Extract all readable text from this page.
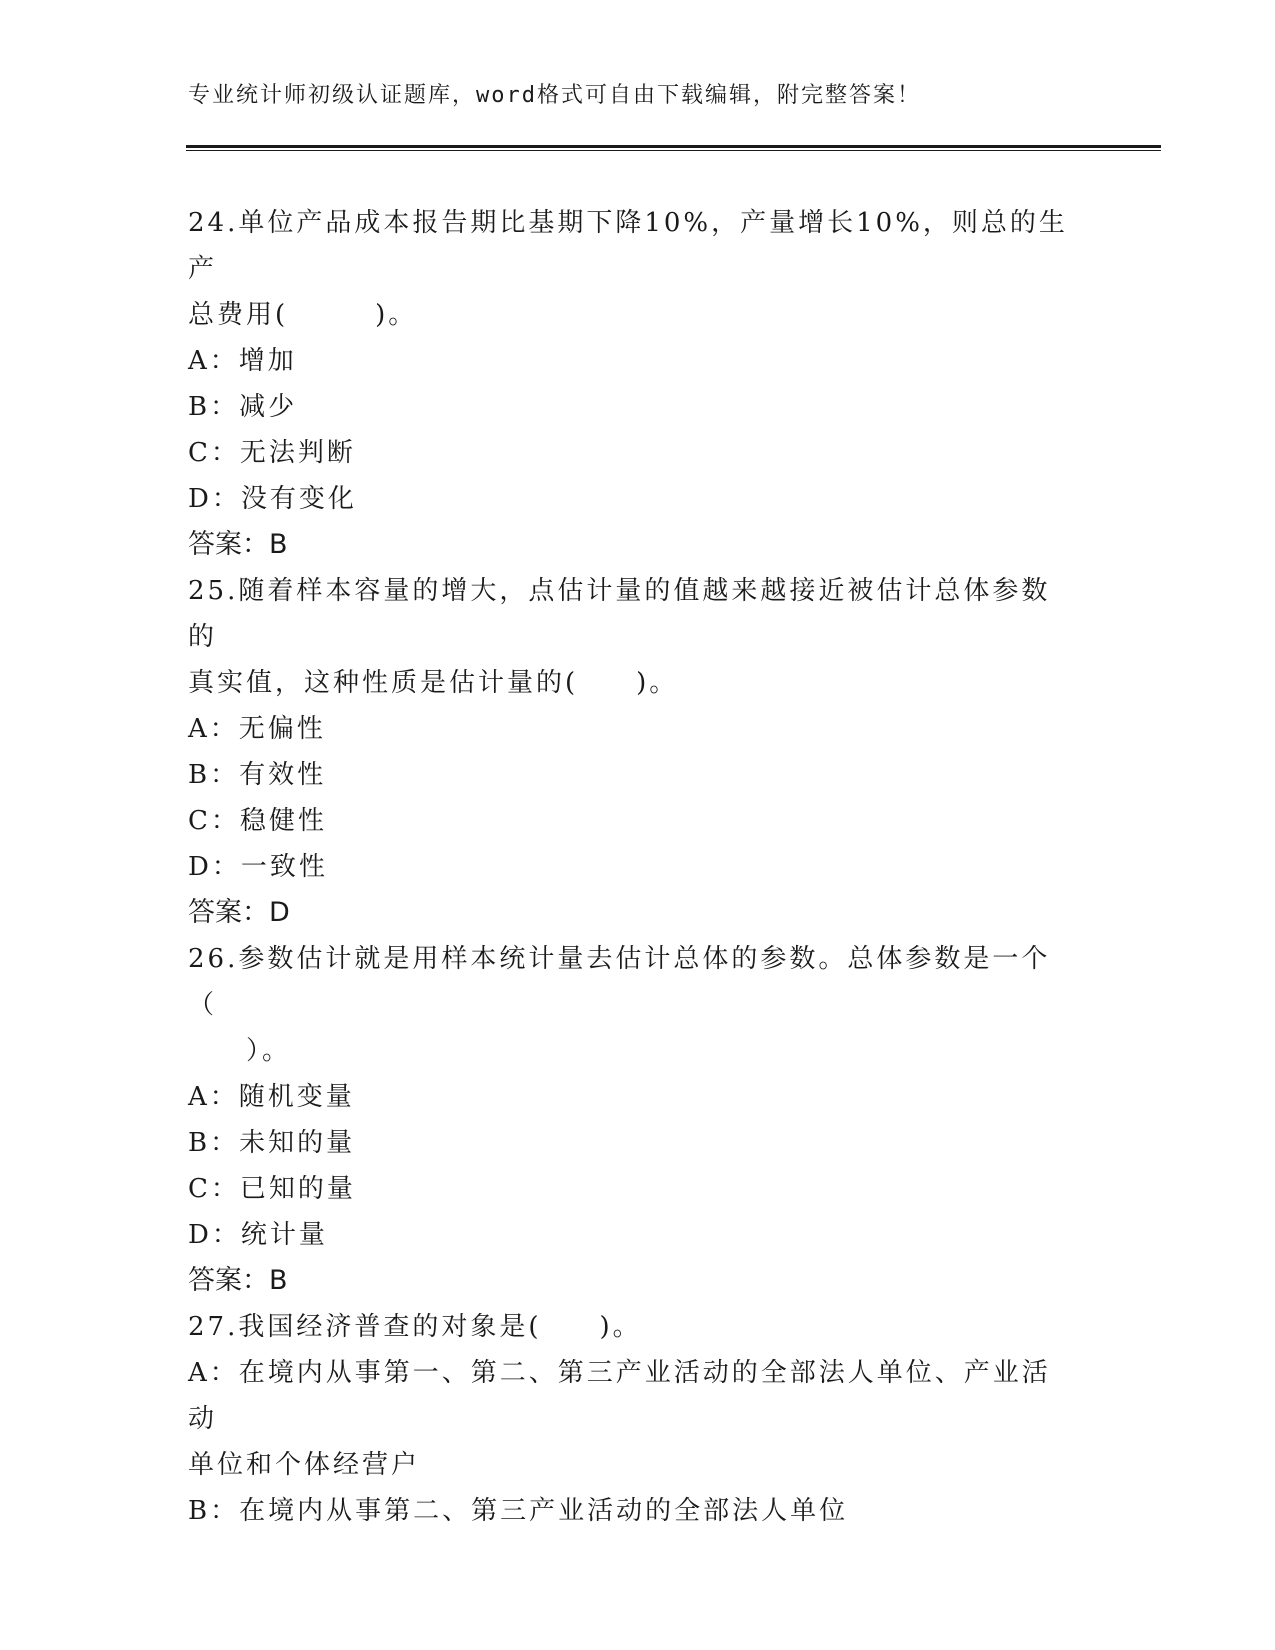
专业统计师初级认证题库，word格式可自由下载编辑，附完整答案！

24.单位产品成本报告期比基期下降10%，产量增长10%，则总的生产

总费用(　　　)。

A：增加

B：减少

C：无法判断

D：没有变化

答案：B

25.随着样本容量的增大，点估计量的值越来越接近被估计总体参数的

真实值，这种性质是估计量的(　　)。

A：无偏性

B：有效性

C：稳健性

D：一致性

答案：D

26.参数估计就是用样本统计量去估计总体的参数。总体参数是一个（

　　）。

A：随机变量

B：未知的量

C：已知的量

D：统计量

答案：B

27.我国经济普查的对象是(　　)。

A：在境内从事第一、第二、第三产业活动的全部法人单位、产业活动

单位和个体经营户

B：在境内从事第二、第三产业活动的全部法人单位
